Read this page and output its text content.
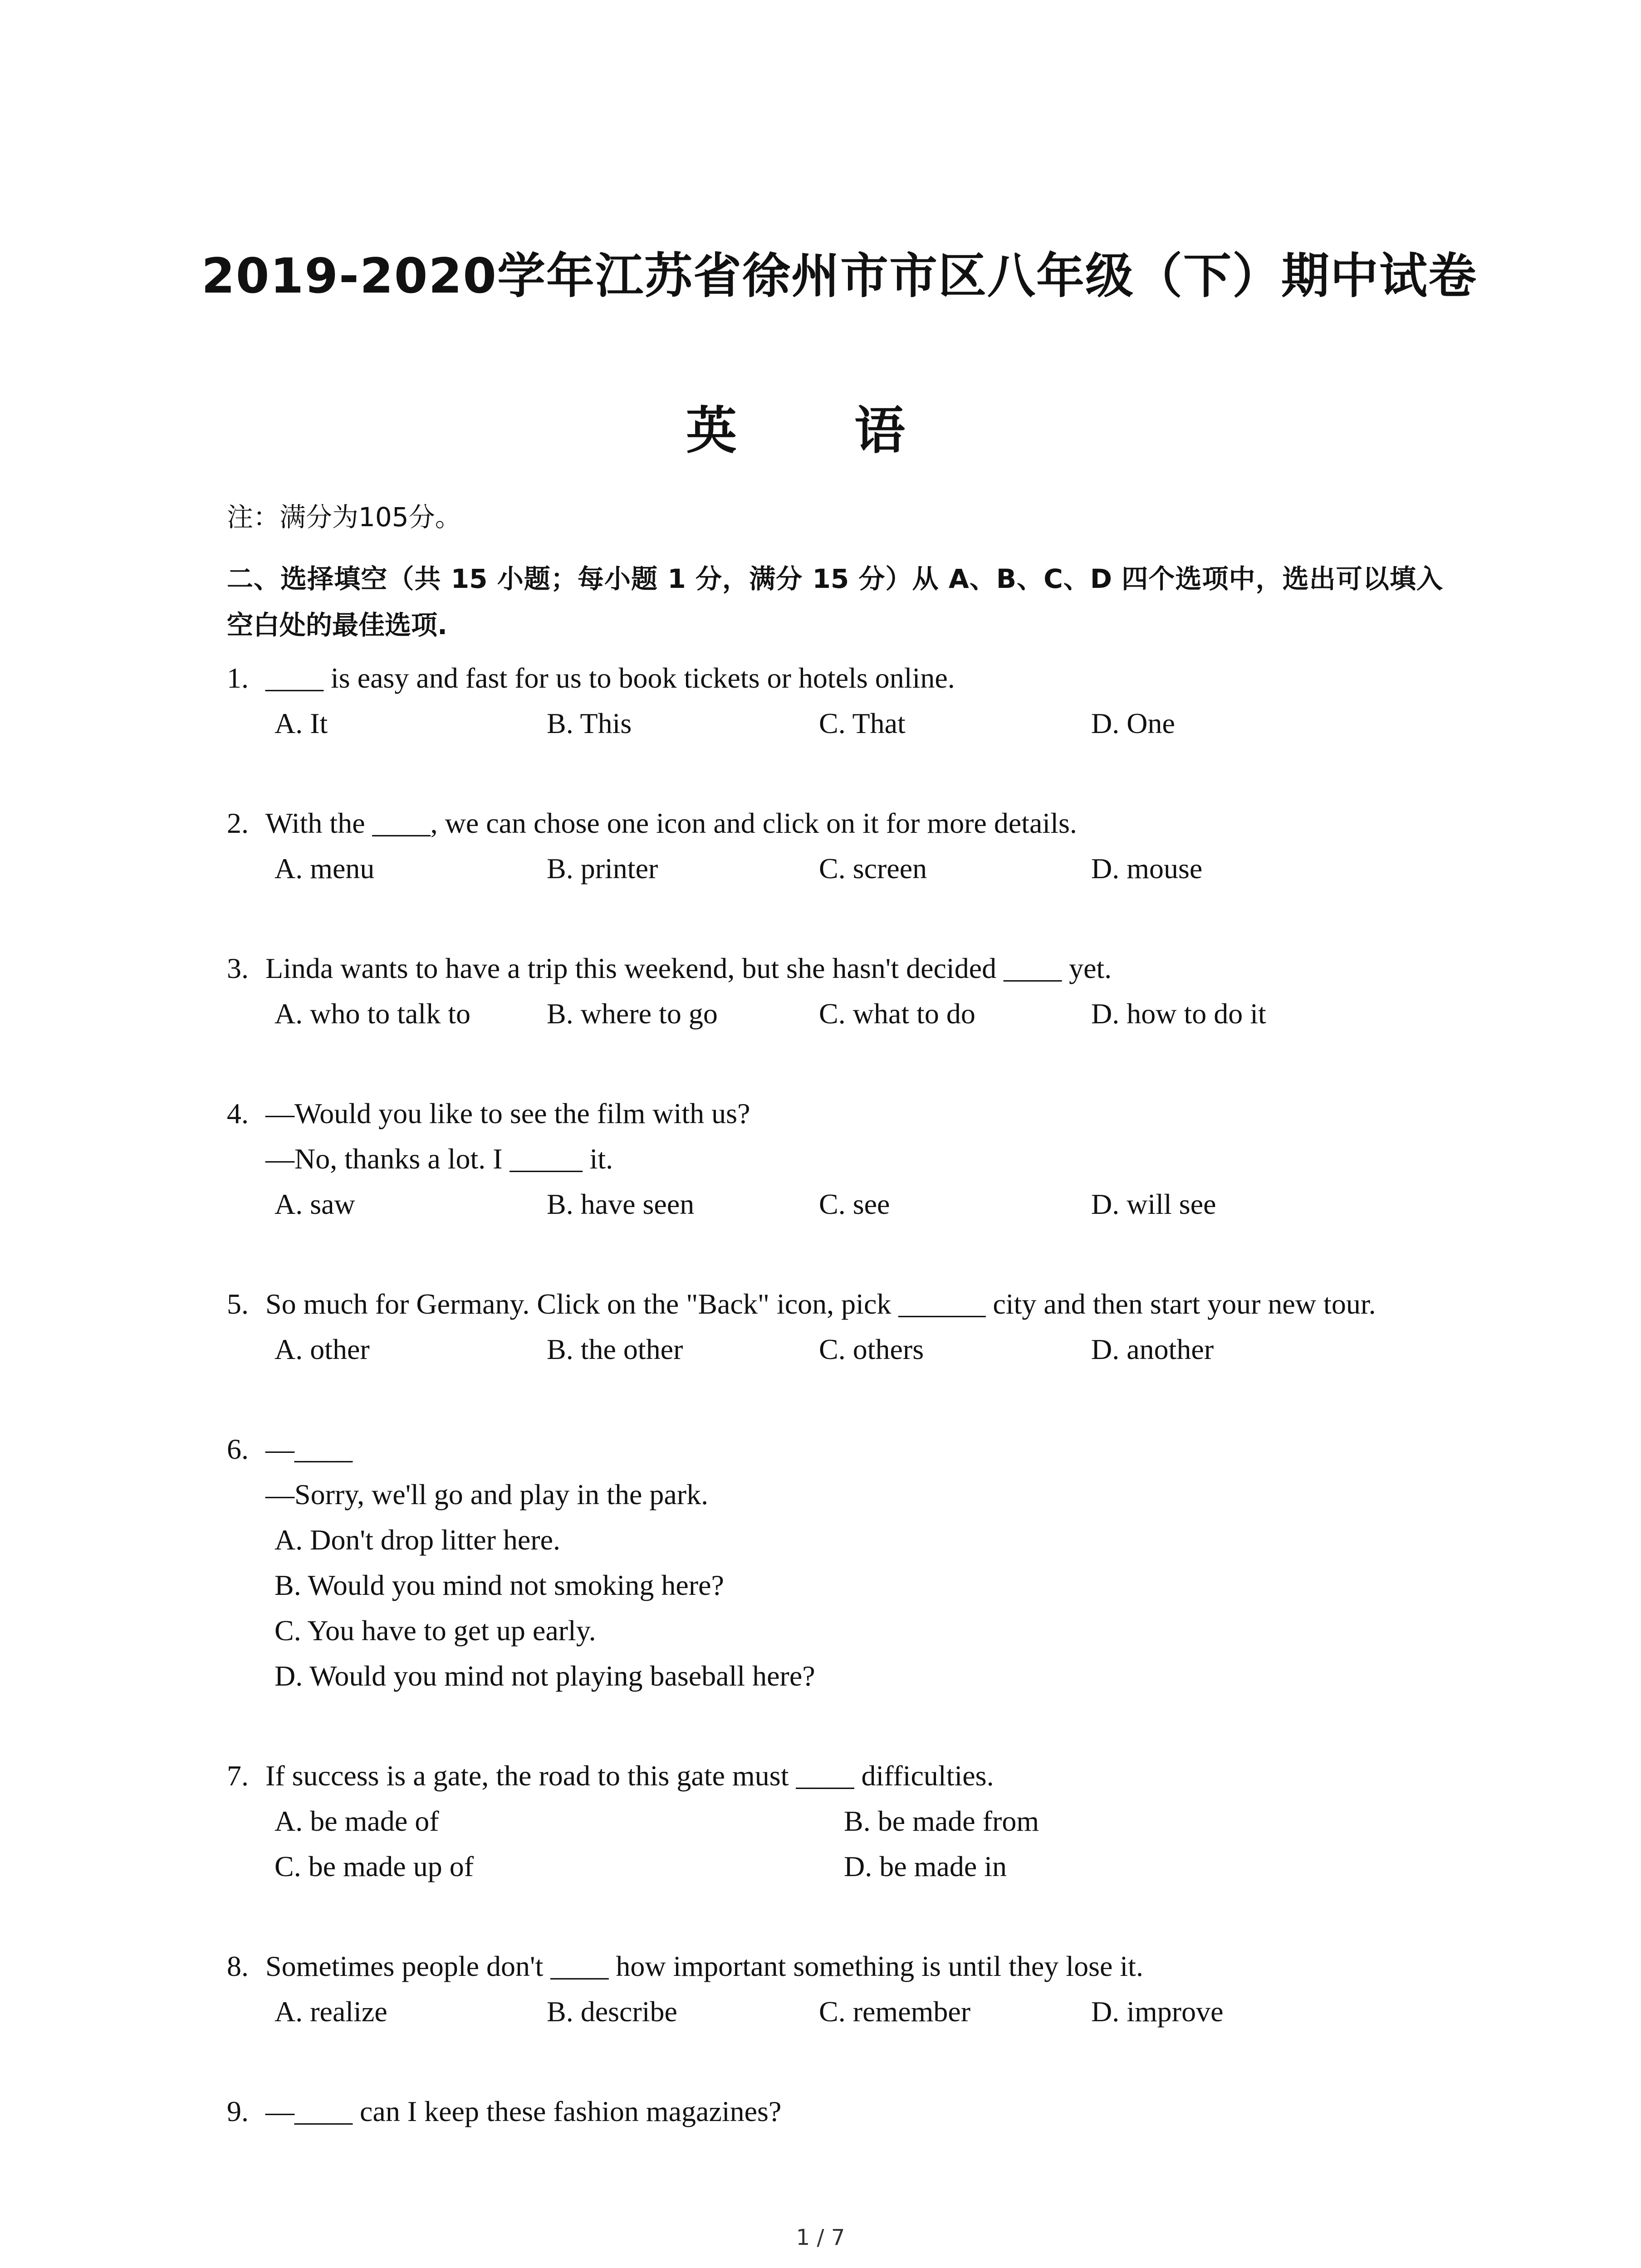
2019-2020学年江苏省徐州市市区八年级（下）期中试卷
英 语
注：满分为105分。
二、选择填空（共 15 小题；每小题 1 分，满分 15 分）从 A、B、C、D 四个选项中，选出可以填入空白处的最佳选项.
1. ____ is easy and fast for us to book tickets or hotels online.
A. It	B. This	C. That	D. One
2. With the ____, we can chose one icon and click on it for more details.
A. menu	B. printer	C. screen	D. mouse
3. Linda wants to have a trip this weekend, but she hasn't decided ____ yet.
A. who to talk to	B. where to go	C. what to do	D. how to do it
4. —Would you like to see the film with us?
—No, thanks a lot. I _____ it.
A. saw	B. have seen	C. see	D. will see
5. So much for Germany. Click on the "Back" icon, pick ______ city and then start your new tour.
A. other	B. the other	C. others	D. another
6. —____
—Sorry, we'll go and play in the park.
A. Don't drop litter here.
B. Would you mind not smoking here?
C. You have to get up early.
D. Would you mind not playing baseball here?
7. If success is a gate, the road to this gate must ____ difficulties.
A. be made of	B. be made from
C. be made up of	D. be made in
8. Sometimes people don't ____ how important something is until they lose it.
A. realize	B. describe	C. remember	D. improve
9. —____ can I keep these fashion magazines?
1 / 7
